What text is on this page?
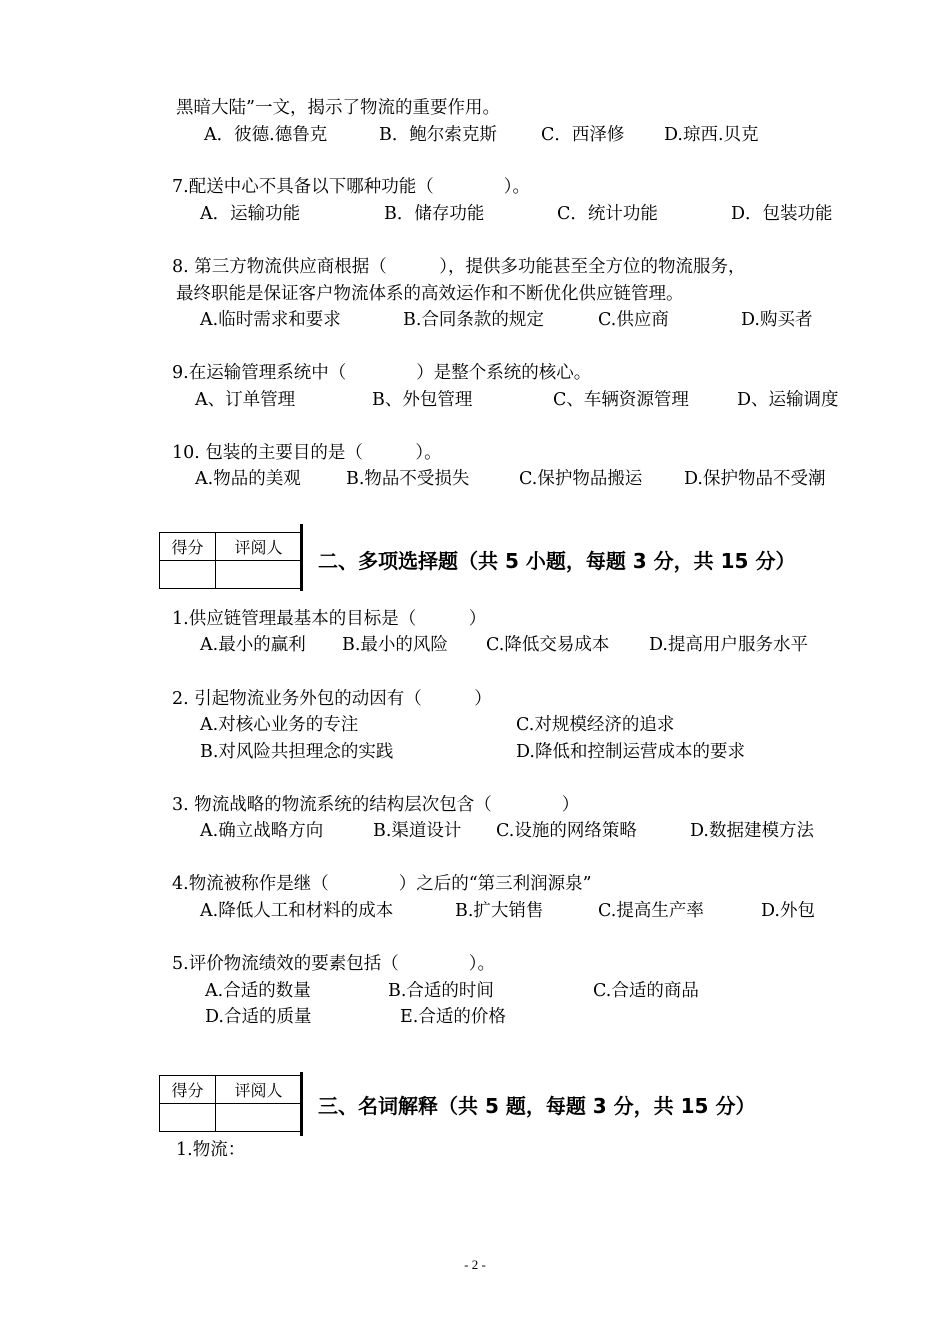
黑暗大陆”一文，揭示了物流的重要作用。
A．彼德.德鲁克	B．鲍尔索克斯	C．西泽修 D.琼西.贝克
7.配送中心不具备以下哪种功能（　　　　）。
A．运输功能	B．储存功能	C．统计功能	D．包装功能
8. 第三方物流供应商根据（　　　），提供多功能甚至全方位的物流服务，
最终职能是保证客户物流体系的高效运作和不断优化供应链管理。
A.临时需求和要求	B.合同条款的规定	C.供应商	D.购买者
9.在运输管理系统中（　　　　）是整个系统的核心。
A、订单管理	B、外包管理	C、车辆资源管理	D、运输调度
10. 包装的主要目的是（　　　）。
A.物品的美观	B.物品不受损失	C.保护物品搬运 D.保护物品不受潮
得分	评阅人

二、多项选择题（共 5 小题，每题 3 分，共 15 分）
1.供应链管理最基本的目标是（　　　）
A.最小的赢利 B.最小的风险 C.降低交易成本 D.提高用户服务水平
2. 引起物流业务外包的动因有（　　　）
A.对核心业务的专注	C.对规模经济的追求
B.对风险共担理念的实践	D.降低和控制运营成本的要求
3. 物流战略的物流系统的结构层次包含（　　　　）
A.确立战略方向	B.渠道设计 C.设施的网络策略	D.数据建模方法
4.物流被称作是继（　　　　）之后的“第三利润源泉”
A.降低人工和材料的成本	B.扩大销售	C.提高生产率	D.外包
5.评价物流绩效的要素包括（　　　　）。
A.合适的数量	B.合适的时间	C.合适的商品
D.合适的质量	E.合适的价格
得分	评阅人

三、名词解释（共 5 题，每题 3 分，共 15 分）
1.物流：
- 2 -
